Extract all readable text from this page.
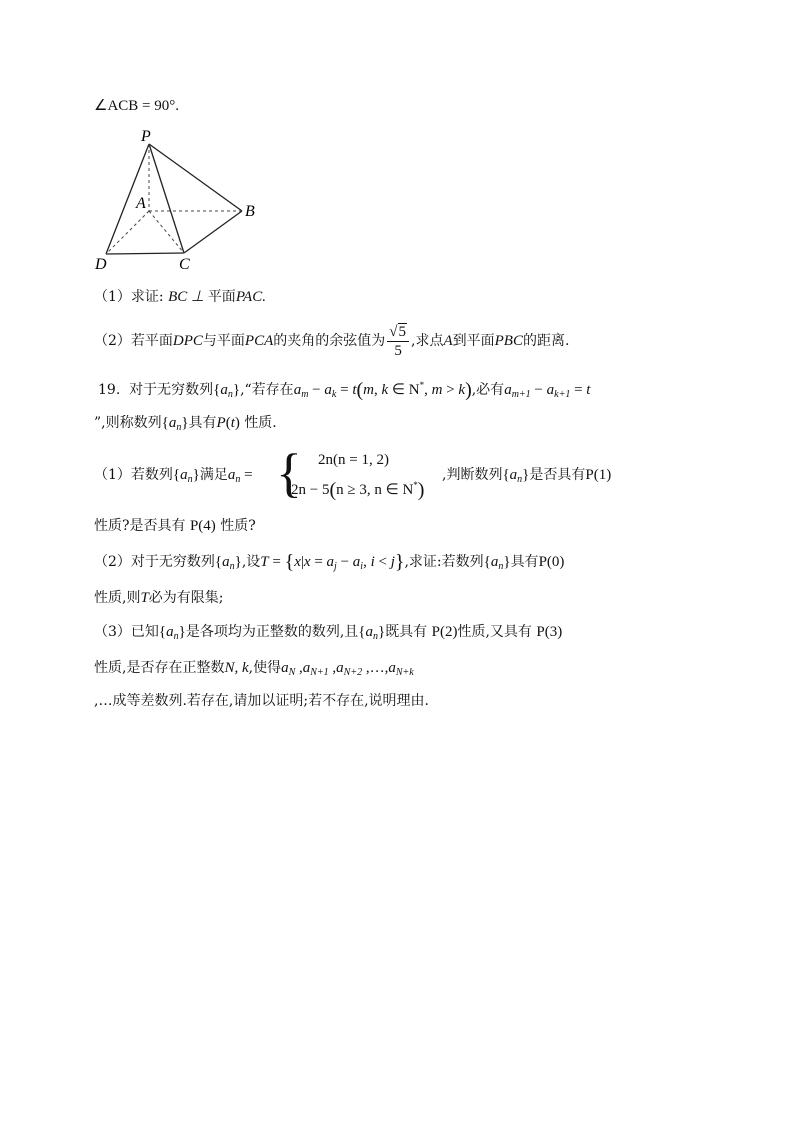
∠ACB = 90°.
P
A	B
C
D
（1）求证: BC ⊥ 平面PAC.
（2）若平面DPC与平面PCA的夹角的余弦值为 $\frac{√5}{5}$ ,求点A到平面PBC的距离.
19. 对于无穷数列$\{a_n\},“$若存在$a_m - a_k = t(m$, k ∈ N*, m > k),必有$a_{m+1} - a_{k+1} = t$
”,则称数列$\{a_n\}$具有P(t) 性质.
（1）若数列$\{a_n\}$满足$a_n$ = { 2n(n = 1, 2)
2n − 5(n ≥ 3, n ∈ N*)
,判断数列$\{a_n\}$是否具有P(1)
性质?是否具有 P(4) 性质?
（2）对于无穷数列$\{a_n\}$,设$T = \{x|x = a_j - a_i$, i < j},求证:若数列$\{a_n\}$具有P(0)
性质,则T必为有限集;
（3）已知$\{a_n\}$是各项均为正整数的数列,且$\{a_n\}$既具有 P(2)性质,又具有 P(3)
性质,是否存在正整数N, k,使得$a_N$ $,a_{N+1}$ $,a_{N+2}$ $,\dots,a_{N+k}$
,…成等差数列.若存在,请加以证明;若不存在,说明理由.
